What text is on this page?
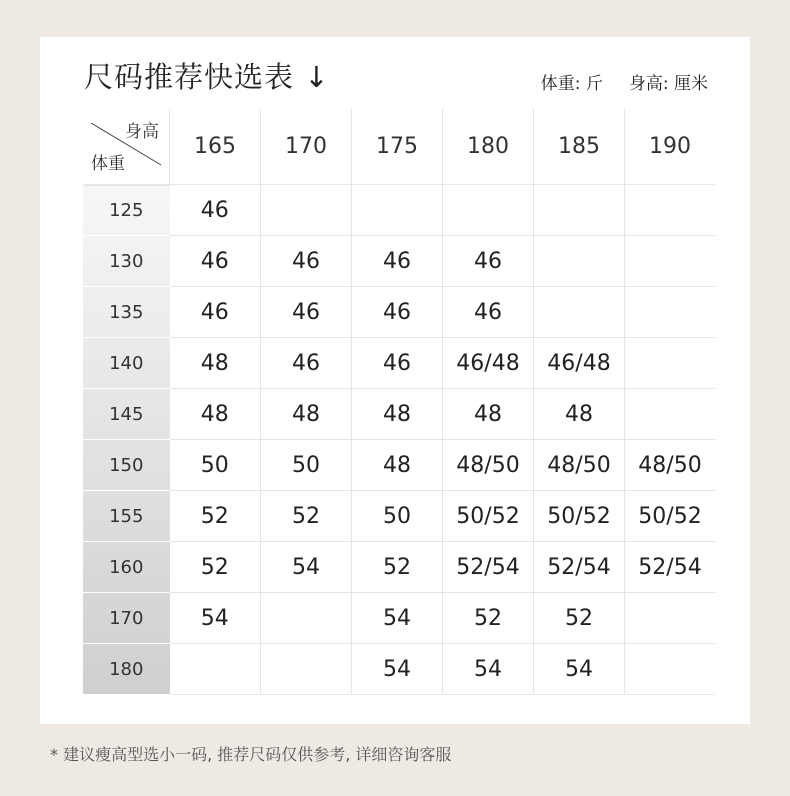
尺码推荐快选表 ↓	体重: 斤 身高: 厘米
身高
体重	165	170	175	180	185	190
125	46					
130	46	46	46	46		
135	46	46	46	46		
140	48	46	46	46/48	46/48	
145	48	48	48	48	48	
150	50	50	48	48/50	48/50	48/50
155	52	52	50	50/52	50/52	50/52
160	52	54	52	52/54	52/54	52/54
170	54		54	52	52	
180			54	54	54	
* 建议瘦高型选小一码, 推荐尺码仅供参考, 详细咨询客服
